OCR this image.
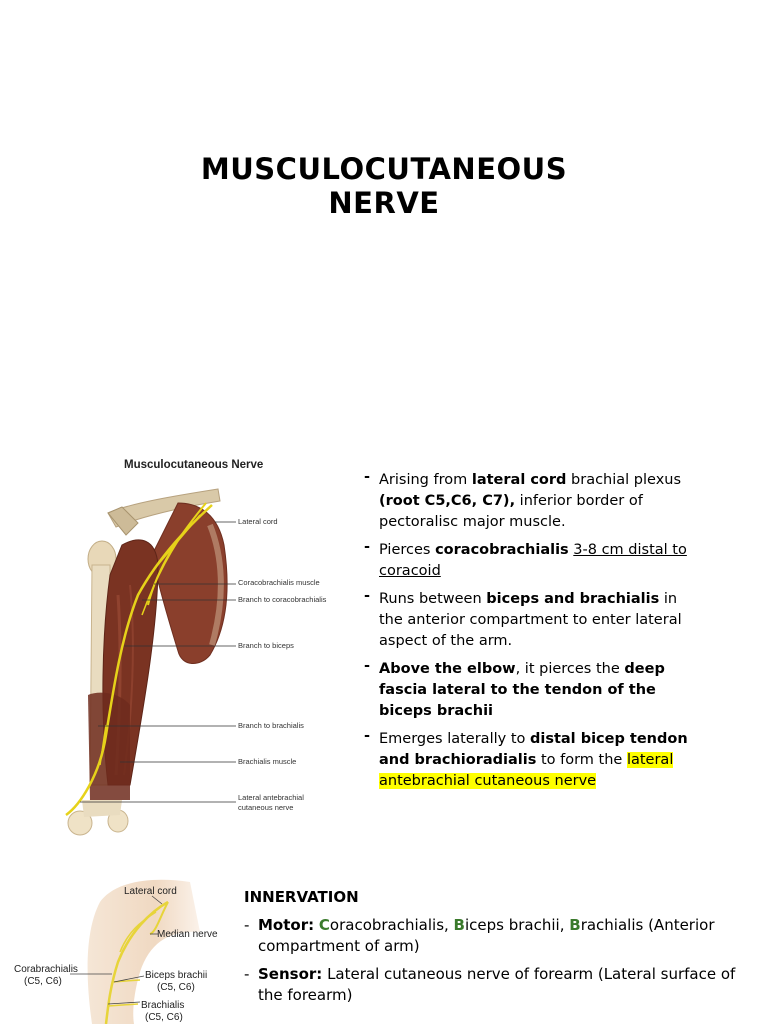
MUSCULOCUTANEOUS
NERVE
Musculocutaneous Nerve
Lateral cord
Coracobrachialis muscle
Branch to coracobrachialis
Branch to biceps
Branch to brachialis
Brachialis muscle
Lateral antebrachial
cutaneous nerve
- Arising from lateral cord brachial plexus (root C5,C6, C7), inferior border of pectoralisc major muscle.
- Pierces coracobrachialis 3-8 cm distal to coracoid
- Runs between biceps and brachialis in the anterior compartment to enter lateral aspect of the arm.
- Above the elbow, it pierces the deep fascia lateral to the tendon of the biceps brachii
- Emerges laterally to distal bicep tendon and brachioradialis to form the lateral antebrachial cutaneous nerve
Lateral cord
Median nerve
Corabrachialis
(C5, C6)
Biceps brachii
(C5, C6)
Brachialis
(C5, C6)
INNERVATION
- Motor: Coracobrachialis, Biceps brachii, Brachialis (Anterior compartment of arm)
- Sensor: Lateral cutaneous nerve of forearm (Lateral surface of the forearm)
